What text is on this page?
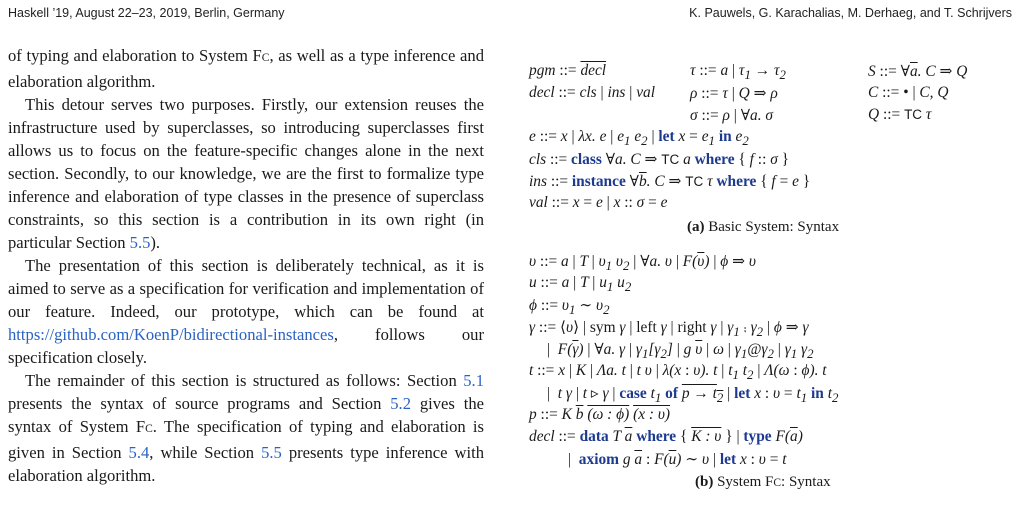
Haskell ’19, August 22–23, 2019, Berlin, Germany	K. Pauwels, G. Karachalias, M. Derhaeg, and T. Schrijvers

of typing and elaboration to System FC, as well as a type inference and elaboration algorithm.

This detour serves two purposes. Firstly, our extension reuses the infrastructure used by superclasses, so introducing superclasses first allows us to focus on the feature-specific changes alone in the next section. Secondly, to our knowledge, we are the first to formalize type inference and elaboration of type classes in the presence of superclass constraints, so this section is a contribution in its own right (in particular Section 5.5).

The presentation of this section is deliberately technical, as it is aimed to serve as a specification for verification and implementation of our feature. Indeed, our prototype, which can be found at https://github.com/KoenP/bidirectional-instances, follows our specification closely.

The remainder of this section is structured as follows: Section 5.1 presents the syntax of source programs and Section 5.2 gives the syntax of System FC. The specification of typing and elaboration is given in Section 5.4, while Section 5.5 presents type inference with elaboration algorithm.

pgm ::= decl
decl ::= cls | ins | val
τ ::= a | $\tau_1 \to \tau_2$
ρ ::= τ | Q ⇒ ρ
σ ::= ρ | ∀a. σ
S ::= $\forall\overline{a}$. C ⇒ Q
C ::= • | C, Q
Q ::= TC τ
e ::= x | λx. e | $e_1$ $e_2$ | let $x = e_1$ in $e_2$
cls ::= class ∀a. C ⇒ TC a where { f :: σ }
ins ::= instance $\forall\overline{b}$. C ⇒ TC τ where { f = e }
val ::= x = e | x :: σ = e
(a) Basic System: Syntax
υ ::= a | T | $\upsilon_1$ $\upsilon_2$ | ∀a. υ | $F(\overline{\upsilon})$ | ϕ ⇒ υ
u ::= a | T | $u_1$ $u_2$
ϕ ::= $\upsilon_1$ ∼ $\upsilon_2$
γ ::= ⟨υ⟩ | sym γ | left γ | right γ | $\gamma_1$ ⨾ $\gamma_2$ | ϕ ⇒ γ
|  $F(\overline{\gamma})$ | ∀a. γ | $\gamma_1[\gamma_2]$ | g $\overline{\upsilon}$ | ω | $\gamma_1@\gamma_2$ | $\gamma_1$ $\gamma_2$
t ::= x | K | Λa. t | t υ | λ(x : υ). t | $t_1$ $t_2$ | Λ(ω : ϕ). t
|  t γ | t ▹ γ | case $t_1$ of $p \to t_2$ | let x : $\upsilon = t_1$ in $t_2$
p ::= K $\overline{b}$ (ω : ϕ) (x : υ)
decl ::= data T $\overline{a}$ where { K : υ } | type $F(\overline{a})$
| axiom g $\overline{a}$ : $F(\overline{u})$ ∼ υ | let x : υ = t
(b) System FC: Syntax
